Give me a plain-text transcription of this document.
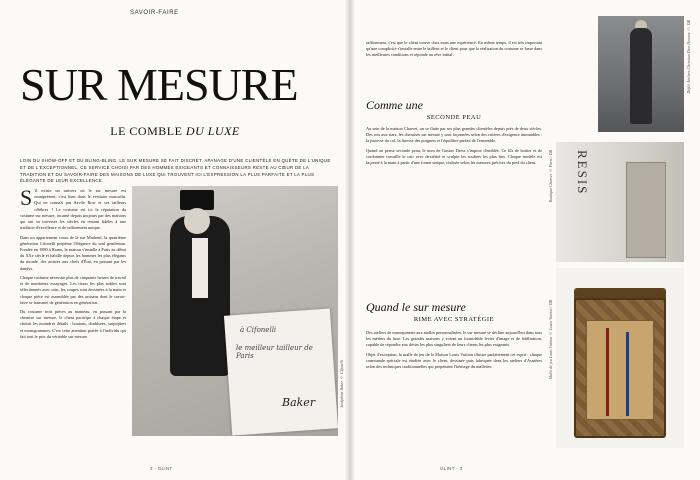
SAVOIR-FAIRE
SUR MESURE
LE COMBLE DU LUXE
LOIN DU SHOW-OFF ET DU BLING-BLING, LE SUR MESURE SE FAIT DISCRET. APANAGE D'UNE CLIENTÈLE EN QUÊTE DE L'UNIQUE ET DE L'EXCEPTIONNEL, CE SERVICE CHOISI PAR DES HOMMES EXIGEANTS ET CONNAISSEURS RESTE AU CŒUR DE LA TRADITION ET DU SAVOIR-FAIRE DES MAISONS DE LUXE QUI TROUVENT ICI L'EXPRESSION LA PLUS PARFAITE ET LA PLUS ÉLÉGANTE DE LEUR EXCELLENCE.

S 'il existe un univers où le sur mesure est omniprésent, c'est bien dans le vestiaire masculin. Qui ne connaît pas Savile Row et ses tailleurs célèbres ? Le costume est ici la réputation du costume sur mesure, incarné depuis toujours par des maisons qui ont su traverser les siècles en restant fidèles à une tradition d'excellence et de raffinement unique.

Dans un appartement cossu de la rue Marbeuf, la quatrième génération Cifonelli perpétue l'élégance du seul gentleman. Fondée en 1880 à Rome, la maison s'installe à Paris au début du XXe siècle et habille depuis les hommes les plus élégants du monde, des artistes aux chefs d'État, en passant par les dandys.

Chaque costume nécessite plus de cinquante heures de travail et de nombreux essayages. Les tissus les plus nobles sont sélectionnés avec soin, les coupes sont dessinées à la main et chaque pièce est assemblée par des artisans dont le savoir-faire se transmet de génération en génération.

Du costume trois pièces au manteau, en passant par la chemise sur mesure, le client participe à chaque étape et choisit les moindres détails : boutons, doublures, surpiqûres et monogrammes. C'est cette attention portée à l'individu qui fait tout le prix du véritable sur mesure.

à Cifonelli
le meilleur tailleur de Paris
Baker	Joséphine Baker © Cifonelli
2 - GLINT
raffinement, c'est que le client trouve chez nous une expérience. En même temps, il est très important qu'une complicité s'installe entre le tailleur et le client pour que la réalisation du costume se fasse dans les meilleures conditions et réponde au rêve initial.
Comme une
SECONDE PEAU

Au sein de la maison Charvet, on se flatte par ses plus grandes clientèles depuis près de deux siècles. Des rois aux stars, les chemises sur mesure y sont façonnées selon des critères d'exigence immuables : la justesse du col, la finesse des poignets et l'équilibre parfait de l'ensemble.

Quand on pense seconde peau, le nom de Gustav Dress s'impose d'emblée. Ce fils de bottier et de cordonnier travaille le cuir avec dextérité et sculpte les souliers les plus fins. Chaque modèle est façonné à la main à partir d'une forme unique, réalisée selon les mesures précises du pied du client.

Quand le sur mesure
RIME AVEC STRATÉGIE

Des ateliers de maroquinerie aux malles personnalisées, le sur mesure se décline aujourd'hui dans tous les métiers du luxe. Les grandes maisons y voient un formidable levier d'image et de fidélisation, capable de répondre aux désirs les plus singuliers de leurs clients les plus exigeants.

Objet d'exception, la malle de jeu de la Maison Louis Vuitton illustre parfaitement cet esprit : chaque commande spéciale est étudiée avec le client, dessinée puis fabriquée dans les ateliers d'Asnières selon des techniques traditionnelles qui perpétuent l'héritage du malletier.

Défilé Ateliers Christian Dior Homme © DR
RESIS
Boutique Charvet © Paris / DR
Malle de jeu Louis Vuitton © Louis Vuitton / DR
GLINT - 3
